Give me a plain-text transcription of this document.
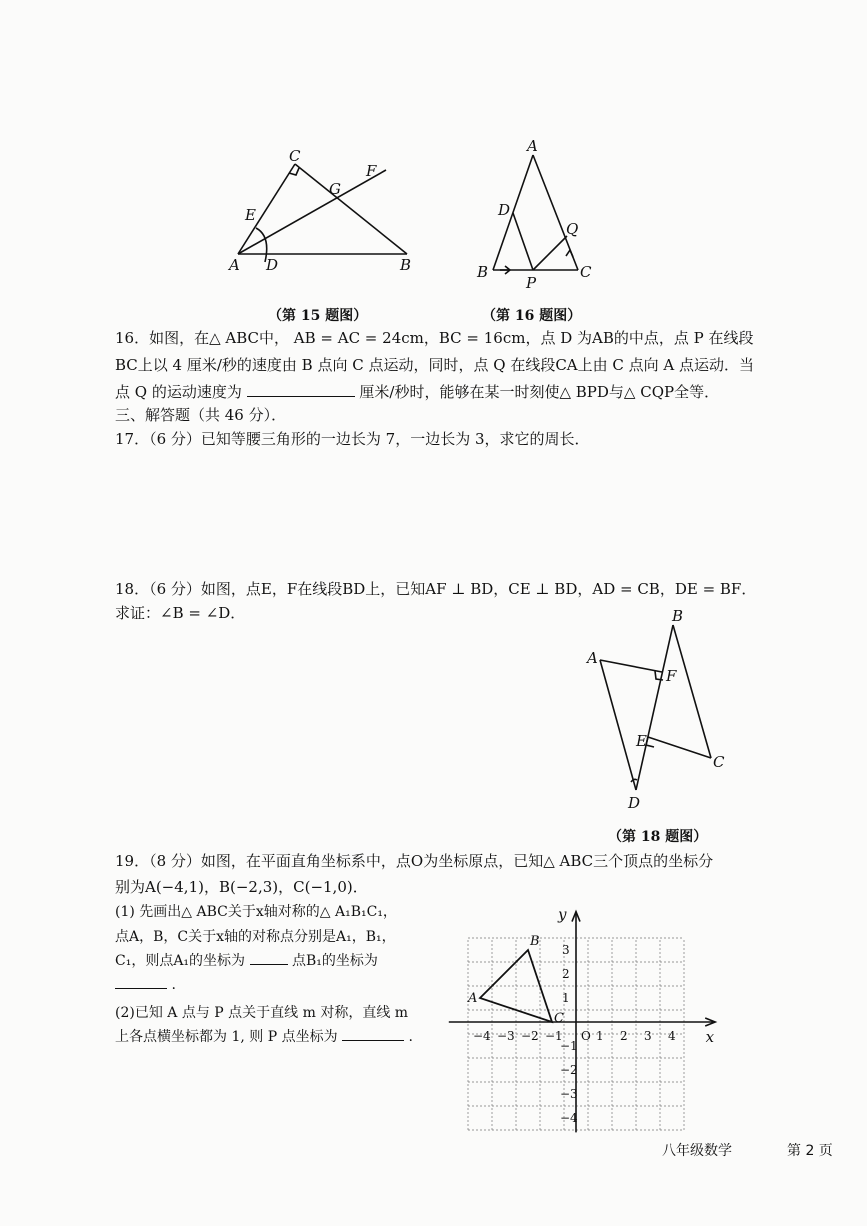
C
G
F
E
A D	B
（第 15 题图）
A
D
Q
B
P
C
（第 16 题图）
16．如图，在△ ABC中， AB = AC = 24cm，BC = 16cm，点 D 为AB的中点，点 P 在线段
BC上以 4 厘米/秒的速度由 B 点向 C 点运动，同时，点 Q 在线段CA上由 C 点向 A 点运动．当
点 Q 的运动速度为	厘米/秒时，能够在某一时刻使△ BPD与△ CQP全等．
三、解答题（共 46 分）．
17．（6 分）已知等腰三角形的一边长为 7，一边长为 3，求它的周长．
18．（6 分）如图，点E，F在线段BD上，已知AF ⊥ BD，CE ⊥ BD，AD = CB，DE = BF．
求证：∠B = ∠D．	B
A
F
E
C
D
（第 18 题图）
19．（8 分）如图，在平面直角坐标系中，点O为坐标原点，已知△ ABC三个顶点的坐标分
别为A(−4,1)，B(−2,3)，C(−1,0)．
(1) 先画出△ ABC关于x轴对称的△ A₁B₁C₁，
点A，B，C关于x轴的对称点分别是A₁，B₁，
C₁，则点A₁的坐标为	点B₁的坐标为
.
(2)已知 A 点与 P 点关于直线 m 对称，直线 m
上各点横坐标都为 1, 则 P 点坐标为	.	x
y
O
−4 −3 −2 −1	1 2 3 4
3
2
1
−1
−2
−3
−4
A
B
C
八年级数学	第 2 页
